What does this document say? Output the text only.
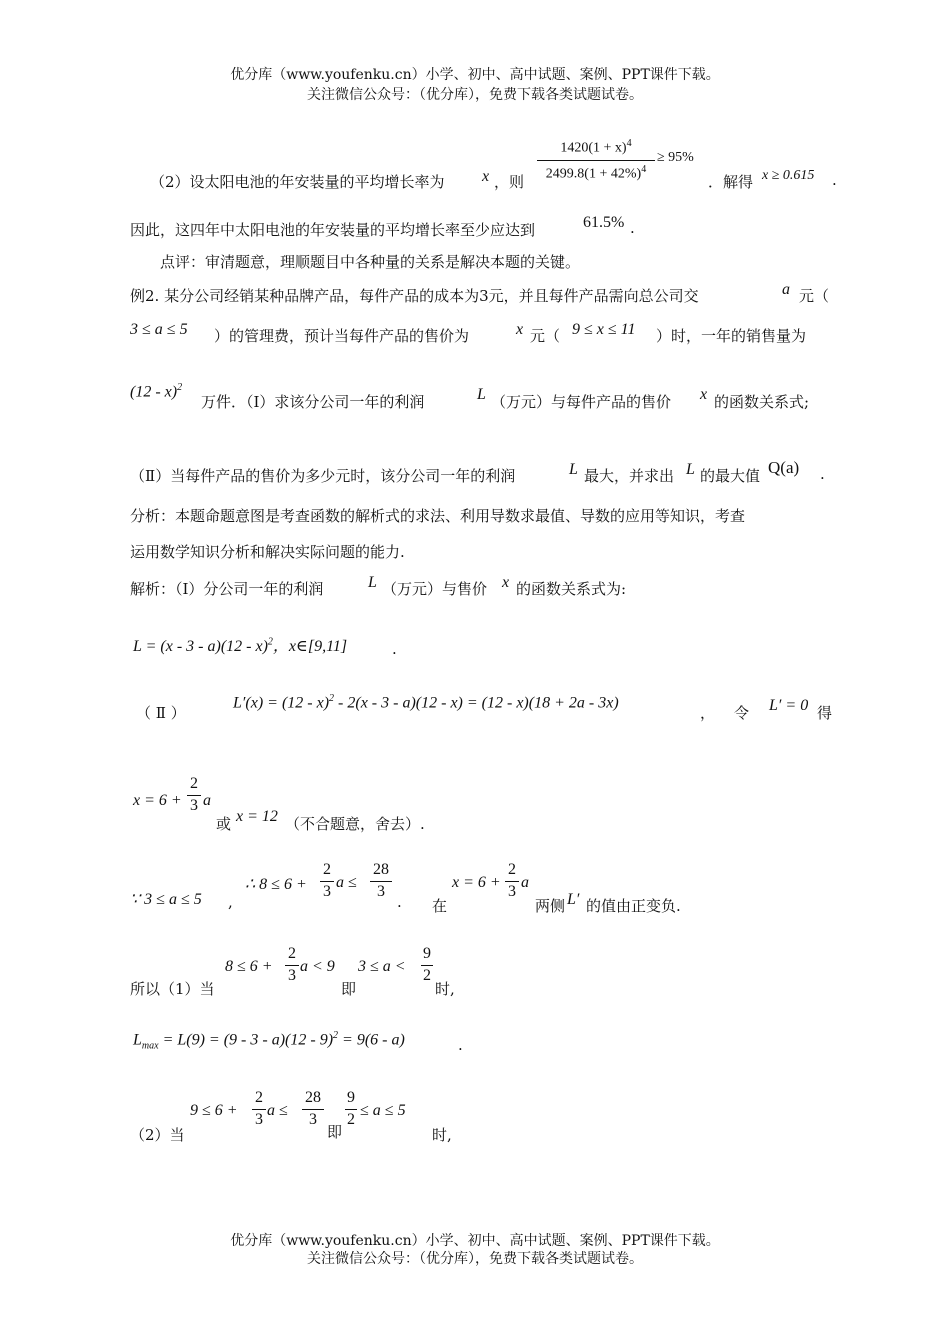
优分库（www.youfenku.cn）小学、初中、高中试题、案例、PPT课件下载。
关注微信公众号：（优分库），免费下载各类试题试卷。
（2）设太阳电池的年安装量的平均增长率为 x ，则
$1420(1 + x)^4$
$2499.8(1 + 42\%)^4$
≥ 95%
．解得 x ≥ 0.615 .
因此，这四年中太阳电池的年安装量的平均增长率至少应达到	61.5% .
点评：审清题意，理顺题目中各种量的关系是解决本题的关键。
例2. 某分公司经销某种品牌产品，每件产品的成本为3元，并且每件产品需向总公司交	a 元（
3 ≤ a ≤ 5 ）的管理费，预计当每件产品的售价为	x 元（ 9 ≤ x ≤ 11 ）时，一年的销售量为
(12 - x)$^2$
万件．（Ⅰ）求该分公司一年的利润	L （万元）与每件产品的售价 x 的函数关系式;
（Ⅱ）当每件产品的售价为多少元时，该分公司一年的利润	L 最大，并求出 L 的最大值 Q(a) .
分析：本题命题意图是考查函数的解析式的求法、利用导数求最值、导数的应用等知识，考查
运用数学知识分析和解决实际问题的能力.
解析：（Ⅰ）分公司一年的利润	L （万元）与售价 x 的函数关系式为:
L = (x - 3 - a)(12 - x)$^2$，x∈[9,11]	.
（ Ⅱ ）
L′(x) = (12 - x)$^2$ - 2(x - 3 - a)(12 - x) = (12 - x)(18 + 2a - 3x)
， 令 L′ = 0 得
x = 6 +
2
3 a
或 x = 12 （不合题意，舍去）.
∵ 3 ≤ a ≤ 5 ,
∴ 8 ≤ 6 +
2
3
a ≤
28
3
. 在
x = 6 +
2
3
a
两侧 L′ 的值由正变负.
所以（1）当
8 ≤ 6 +
2
3
a < 9
即
3 ≤ a <
9
2
时,
$L_{max} = L(9) = (9 - 3 - a)(12 - 9)^2 = 9(6 - a)$	.
（2）当
9 ≤ 6 +
2
3
a ≤
28
3
即
9
2
≤ a ≤ 5
时,
优分库（www.youfenku.cn）小学、初中、高中试题、案例、PPT课件下载。
关注微信公众号：（优分库），免费下载各类试题试卷。
